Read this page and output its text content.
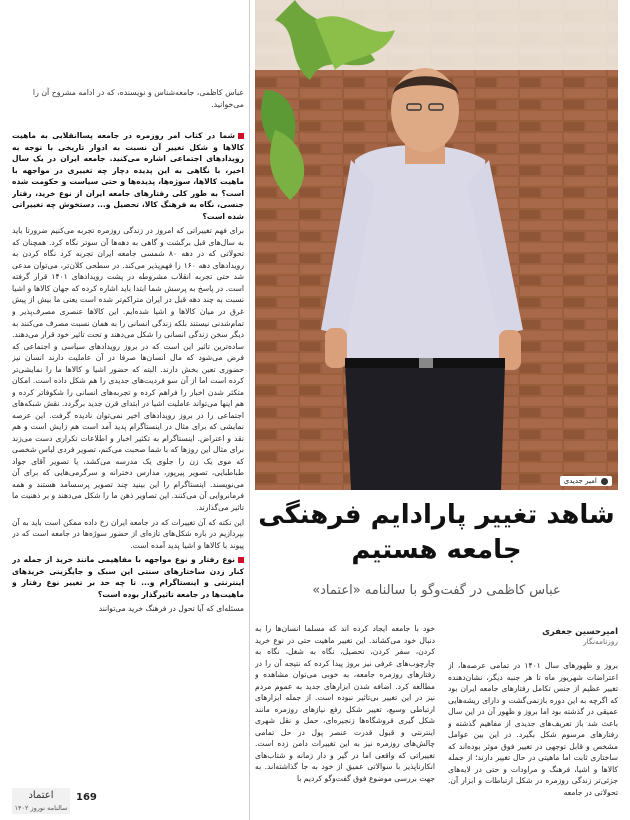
عباس کاظمی، جامعه‌شناس و نویسنده، که در ادامه مشروح آن را می‌خوانید.

شما در کتاب امر روزمره در جامعه پساانقلابی به ماهیت کالاها و شکل تغییر آن نسبت به ادوار تاریخی با توجه به رویدادهای اجتماعی اشاره می‌کنید. جامعه ایران در یک سال اخیر، با نگاهی به این پدیده دچار چه تغییری در مواجهه با ماهیت کالاها، سوژه‌ها، پدیده‌ها و حتی سیاست و حکومت شده است؟ به طور کلی رفتارهای جامعه ایران از نوع خرید، رفتار جنسی، نگاه به فرهنگ کالا، تحصیل و... دستخوش چه تغییراتی شده است؟

برای فهم تغییراتی که امروز در زندگی روزمره تجربه می‌کنیم ضرورتا باید به سال‌های قبل برگشت و گاهی به دهه‌ها آن سوتر نگاه کرد. همچنان که تحولاتی که در دهه ۸۰ شمسی جامعه ایران تجربه کرد نگاه کردن به رویدادهای دهه ۱۶۰ را فهم‌پذیر می‌کند. در سطحی کلان‌تر، می‌توان مدعی شد حتی تجربه انقلاب مشروطه در پشت رویدادهای ۱۴۰۱ قرار گرفته است. در پاسخ به پرسش شما ابتدا باید اشاره کرده که جهان کالاها و اشیا نسبت به چند دهه قبل در ایران متراکم‌تر شده است یعنی ما بیش از پیش غرق در میان کالاها و اشیا شده‌ایم. این کالاها عنصری مصرف‌پذیر و تمام‌شدنی نیستند بلکه زندگی انسانی را به همان نسبت مصرف می‌کنند به دیگر سخن زندگی انسانی را شکل می‌دهند و تحت تاثیر خود قرار می‌دهند. ساده‌ترین تاثیر این است که در بروز رویدادهای سیاسی و اجتماعی که فرض می‌شود که مال انسان‌ها صرفا در آن عاملیت دارند انسان نیز حضوری تعین بخش دارند. البته که حضور اشیا و کالاها ما را نمایشی‌تر کرده است اما از آن سو فردیت‌های جدیدی را هم شکل داده است. امکان متکثر شدن اخبار را فراهم کرده و تجربه‌های انسانی را شکوفاتر کرده و هم اینها می‌تواند عاملیت اشیا در ابتدای قرن جدید برگردد. نقش شبکه‌های اجتماعی را در بروز رویدادهای اخیر نمی‌توان نادیده گرفت. این عرصه نمایشی که برای مثال در اینستاگرام پدید آمد است هم زایش است و هم نقد و اعتراض. اینستاگرام به تکثیر اخبار و اطلاعات تکراری دست می‌زند برای مثال این روزها که با شما صحبت می‌کنم، تصویر فردی لباس شخصی که موی یک زن را جلوی یک مدرسه می‌کشد، یا تصویر آقای جواد طباطبایی، تصویر پیرپور، مدارس دخترانه و سرگرمی‌هایی که برای آن می‌نویسند. اینستاگرام را این بینید چند تصویر پرسسامد هستند و همه فرمانروایی آن می‌کنند. این تصاویر ذهن ما را شکل می‌دهند و بر ذهنیت ما تاثیر می‌گذارند.

این نکته که آن تغییرات که در جامعه ایران رخ داده ممکن است باید به آن بپردازیم در باره شکل‌های تازه‌ای از حضور سوژه‌ها در جامعه است که در پیوند با کالاها و اشیا پدید آمده است.

نوع رفتار و نوع مواجهه با مفاهیمی مانند خرید از جمله در کنار زدن ساختارهای سنتی این سبک و جایگزینی خریدهای اینترنتی و اینستاگرام و... تا چه حد بر تغییر نوع رفتار و ماهیت‌ها در جامعه تاثیرگذار بوده است؟

مسئله‌ای که آیا تحول در فرهنگ خرید می‌توانند

امیر جدیدی
شاهد تغییر پارادایم فرهنگی جامعه هستیم
عباس کاظمی در گفت‌وگو با سالنامه «اعتماد»
امیرحسین جعفری
روزنامه‌نگار
خود با جامعه ایجاد کرده اند که مسلما انسان‌ها را به دنبال خود می‌کشاند. این تغییر ماهیت حتی در نوع خرید کردن، سفر کردن، تحصیل، نگاه به شغل، نگاه به چارچوب‌های عرفی نیز بروز پیدا کرده که نتیجه آن را در رفتارهای روزمره جامعه، به خوبی می‌توان مشاهده و مطالعه کرد. اضافه شدن ابزارهای جدید به عموم مردم نیز در این تغییر بی‌تاثیر نبوده است. از جمله ابزارهای ارتباطی وسیع، تغییر شکل رفع نیازهای روزمره مانند شکل گیری فروشگاه‌ها زنجیره‌ای، حمل و نقل شهری اینترنتی و قبول قدرت عنصر پول در حل تمامی چالش‌های روزمره نیز به این تغییرات دامن زده است. تغییراتی که واقعی اما در گیر و دار زمانه و شتاب‌های انکارناپذیر با سوالاتی عمیق از خود به جا گذاشته‌اند. به جهت بررسی موضوع فوق گفت‌وگو کردیم با
بروز و ظهورهای سال ۱۴۰۱ در تمامی عرصه‌ها، از اعتراضات شهریور ماه تا هر جنبه دیگر، نشان‌دهنده تغییر عظیم از جنس تکامل رفتارهای جامعه ایران بود که اگرچه به این دوره بازنمی‌گشت و دارای ریشه‌هایی عمیقی در گذشته بود اما بروز و ظهور آن در این سال باعث شد باز تعریف‌های جدیدی از مفاهیم گذشته و رفتارهای مرسوم شکل بگیرد. در این بین عوامل مشخص و قابل توجهی در تغییر فوق موثر بوده‌اند که ساختاری ثابت اما ماهیتی در حال تغییر دارند؛ از جمله کالاها و اشیا، فرهنگ و مراودات و حتی در لایه‌های جزئی‌تر زندگی روزمره در شکل ارتباطات و ابزار آن. تحولاتی در جامعه
اعتماد
سالنامه نوروز ۱۴۰۲
169
